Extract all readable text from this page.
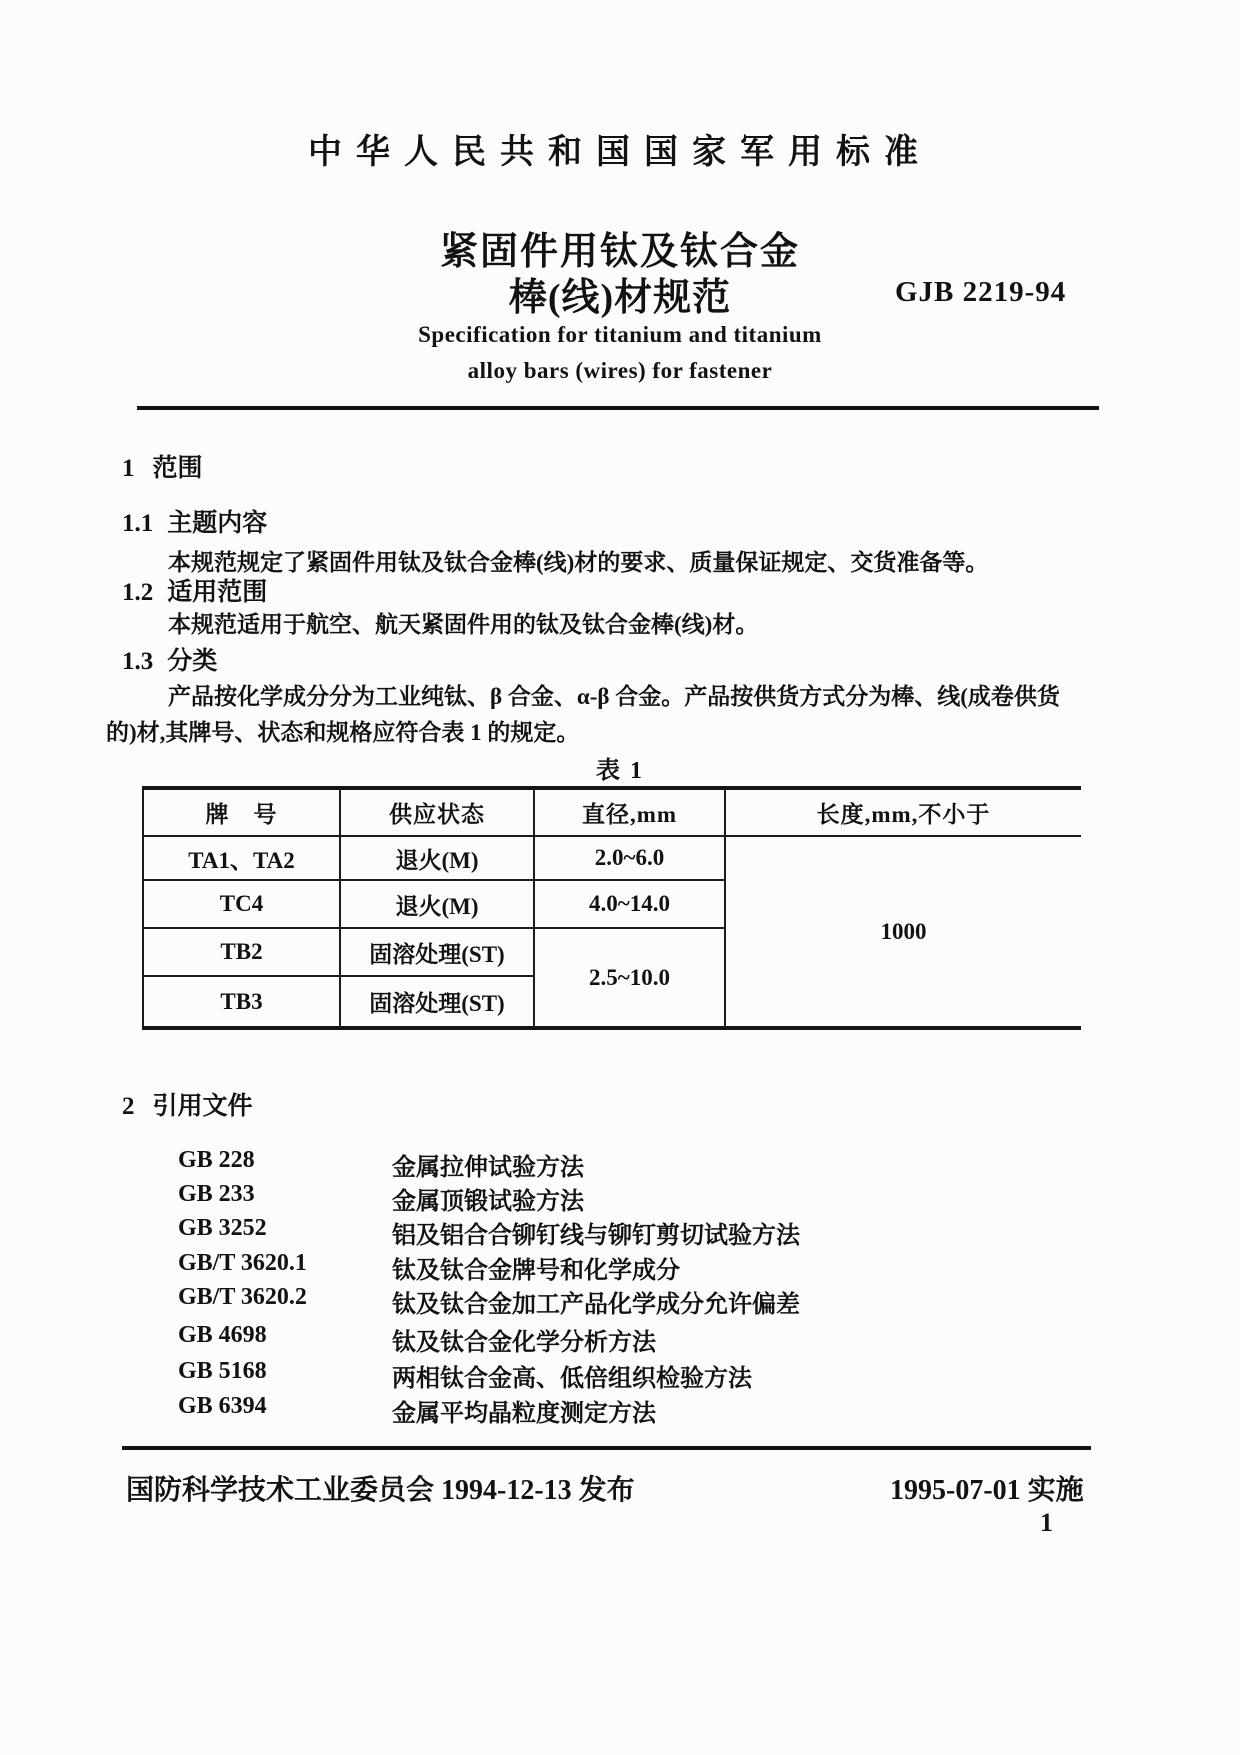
中华人民共和国国家军用标准
紧固件用钛及钛合金
棒(线)材规范	GJB 2219-94
Specification for titanium and titanium
alloy bars (wires) for fastener
1 范围
1.1 主题内容
本规范规定了紧固件用钛及钛合金棒(线)材的要求、质量保证规定、交货准备等。
1.2 适用范围
本规范适用于航空、航天紧固件用的钛及钛合金棒(线)材。
1.3 分类
产品按化学成分分为工业纯钛、β 合金、α-β 合金。产品按供货方式分为棒、线(成卷供货
的)材,其牌号、状态和规格应符合表 1 的规定。
表 1
牌　号	供应状态	直径,mm	长度,mm,不小于
TA1、TA2	退火(M)	2.0~6.0	1000
TC4	退火(M)	4.0~14.0	
TB2	固溶处理(ST)	2.5~10.0	
TB3	固溶处理(ST)		
2 引用文件
GB 228	金属拉伸试验方法
GB 233	金属顶锻试验方法
GB 3252	铝及铝合合铆钉线与铆钉剪切试验方法
GB/T 3620.1	钛及钛合金牌号和化学成分
GB/T 3620.2	钛及钛合金加工产品化学成分允许偏差
GB 4698	钛及钛合金化学分析方法
GB 5168	两相钛合金高、低倍组织检验方法
GB 6394	金属平均晶粒度测定方法
国防科学技术工业委员会 1994-12-13 发布	1995-07-01 实施
1
